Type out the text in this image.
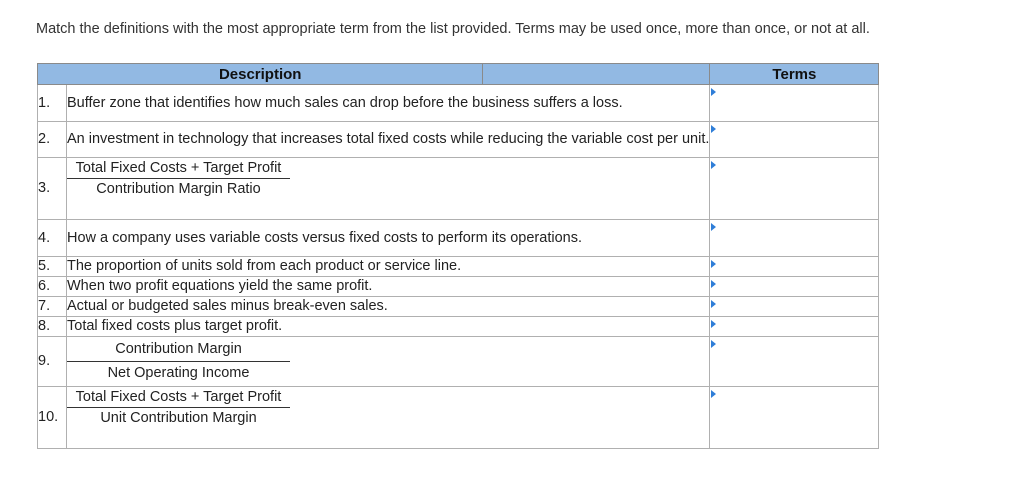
Match the definitions with the most appropriate term from the list provided. Terms may be used once, more than once, or not at all.
Description			Terms
1.	Buffer zone that identifies how much sales can drop before the business suffers a loss.		

2.	An investment in technology that increases total fixed costs while reducing the variable cost per unit.		

3.	Total Fixed Costs + Target Profit
Contribution Margin Ratio		

4.	How a company uses variable costs versus fixed costs to perform its operations.		

5.	The proportion of units sold from each product or service line.		

6.	When two profit equations yield the same profit.		

7.	Actual or budgeted sales minus break-even sales.		

8.	Total fixed costs plus target profit.		

9.	Contribution Margin
Net Operating Income		

10.	Total Fixed Costs + Target Profit
Unit Contribution Margin		
